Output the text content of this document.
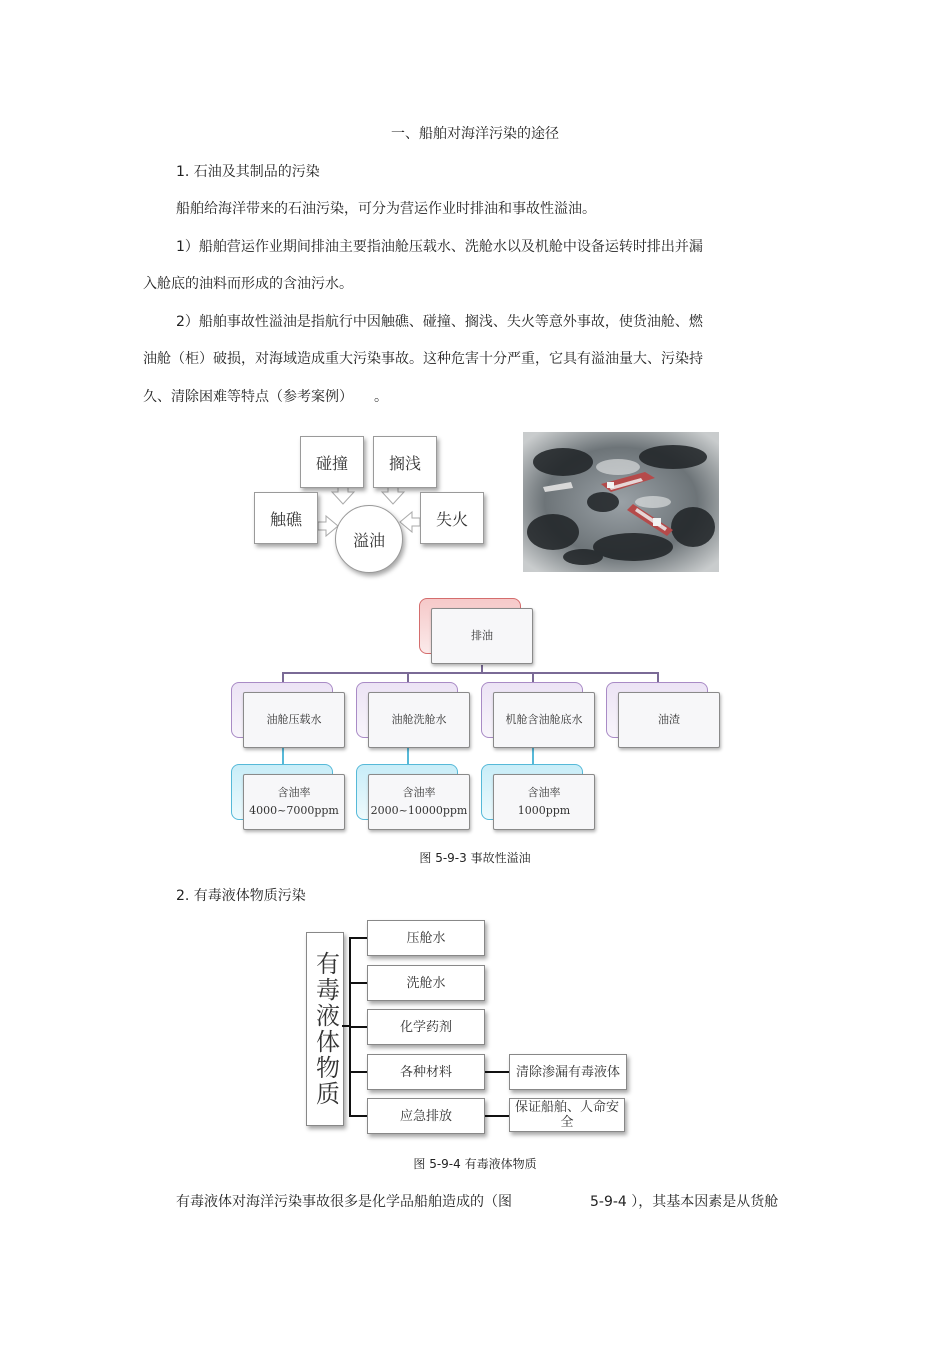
一、船舶对海洋污染的途径
1. 石油及其制品的污染
船舶给海洋带来的石油污染，可分为营运作业时排油和事故性溢油。
1）船舶营运作业期间排油主要指油舱压载水、洗舱水以及机舱中设备运转时排出并漏
入舱底的油料而形成的含油污水。
2）船舶事故性溢油是指航行中因触礁、碰撞、搁浅、失火等意外事故，使货油舱、燃
油舱（柜）破损，对海域造成重大污染事故。这种危害十分严重，它具有溢油量大、污染持
久、清除困难等特点（参考案例）　　。
碰撞	搁浅
触礁	失火
溢油
排油
油舱压载水	油舱洗舱水	机舱含油舱底水	油渣
含油率
4000~7000ppm
含油率
2000~10000ppm
含油率
1000ppm
图 5-9-3 事故性溢油
2. 有毒液体物质污染
有毒液体物质
压舱水
洗舱水
化学药剂
各种材料
应急排放
清除渗漏有毒液体
保证船舶、人命安全
图 5-9-4 有毒液体物质
有毒液体对海洋污染事故很多是化学品船舶造成的（图	5-9-4 ），其基本因素是从货舱
